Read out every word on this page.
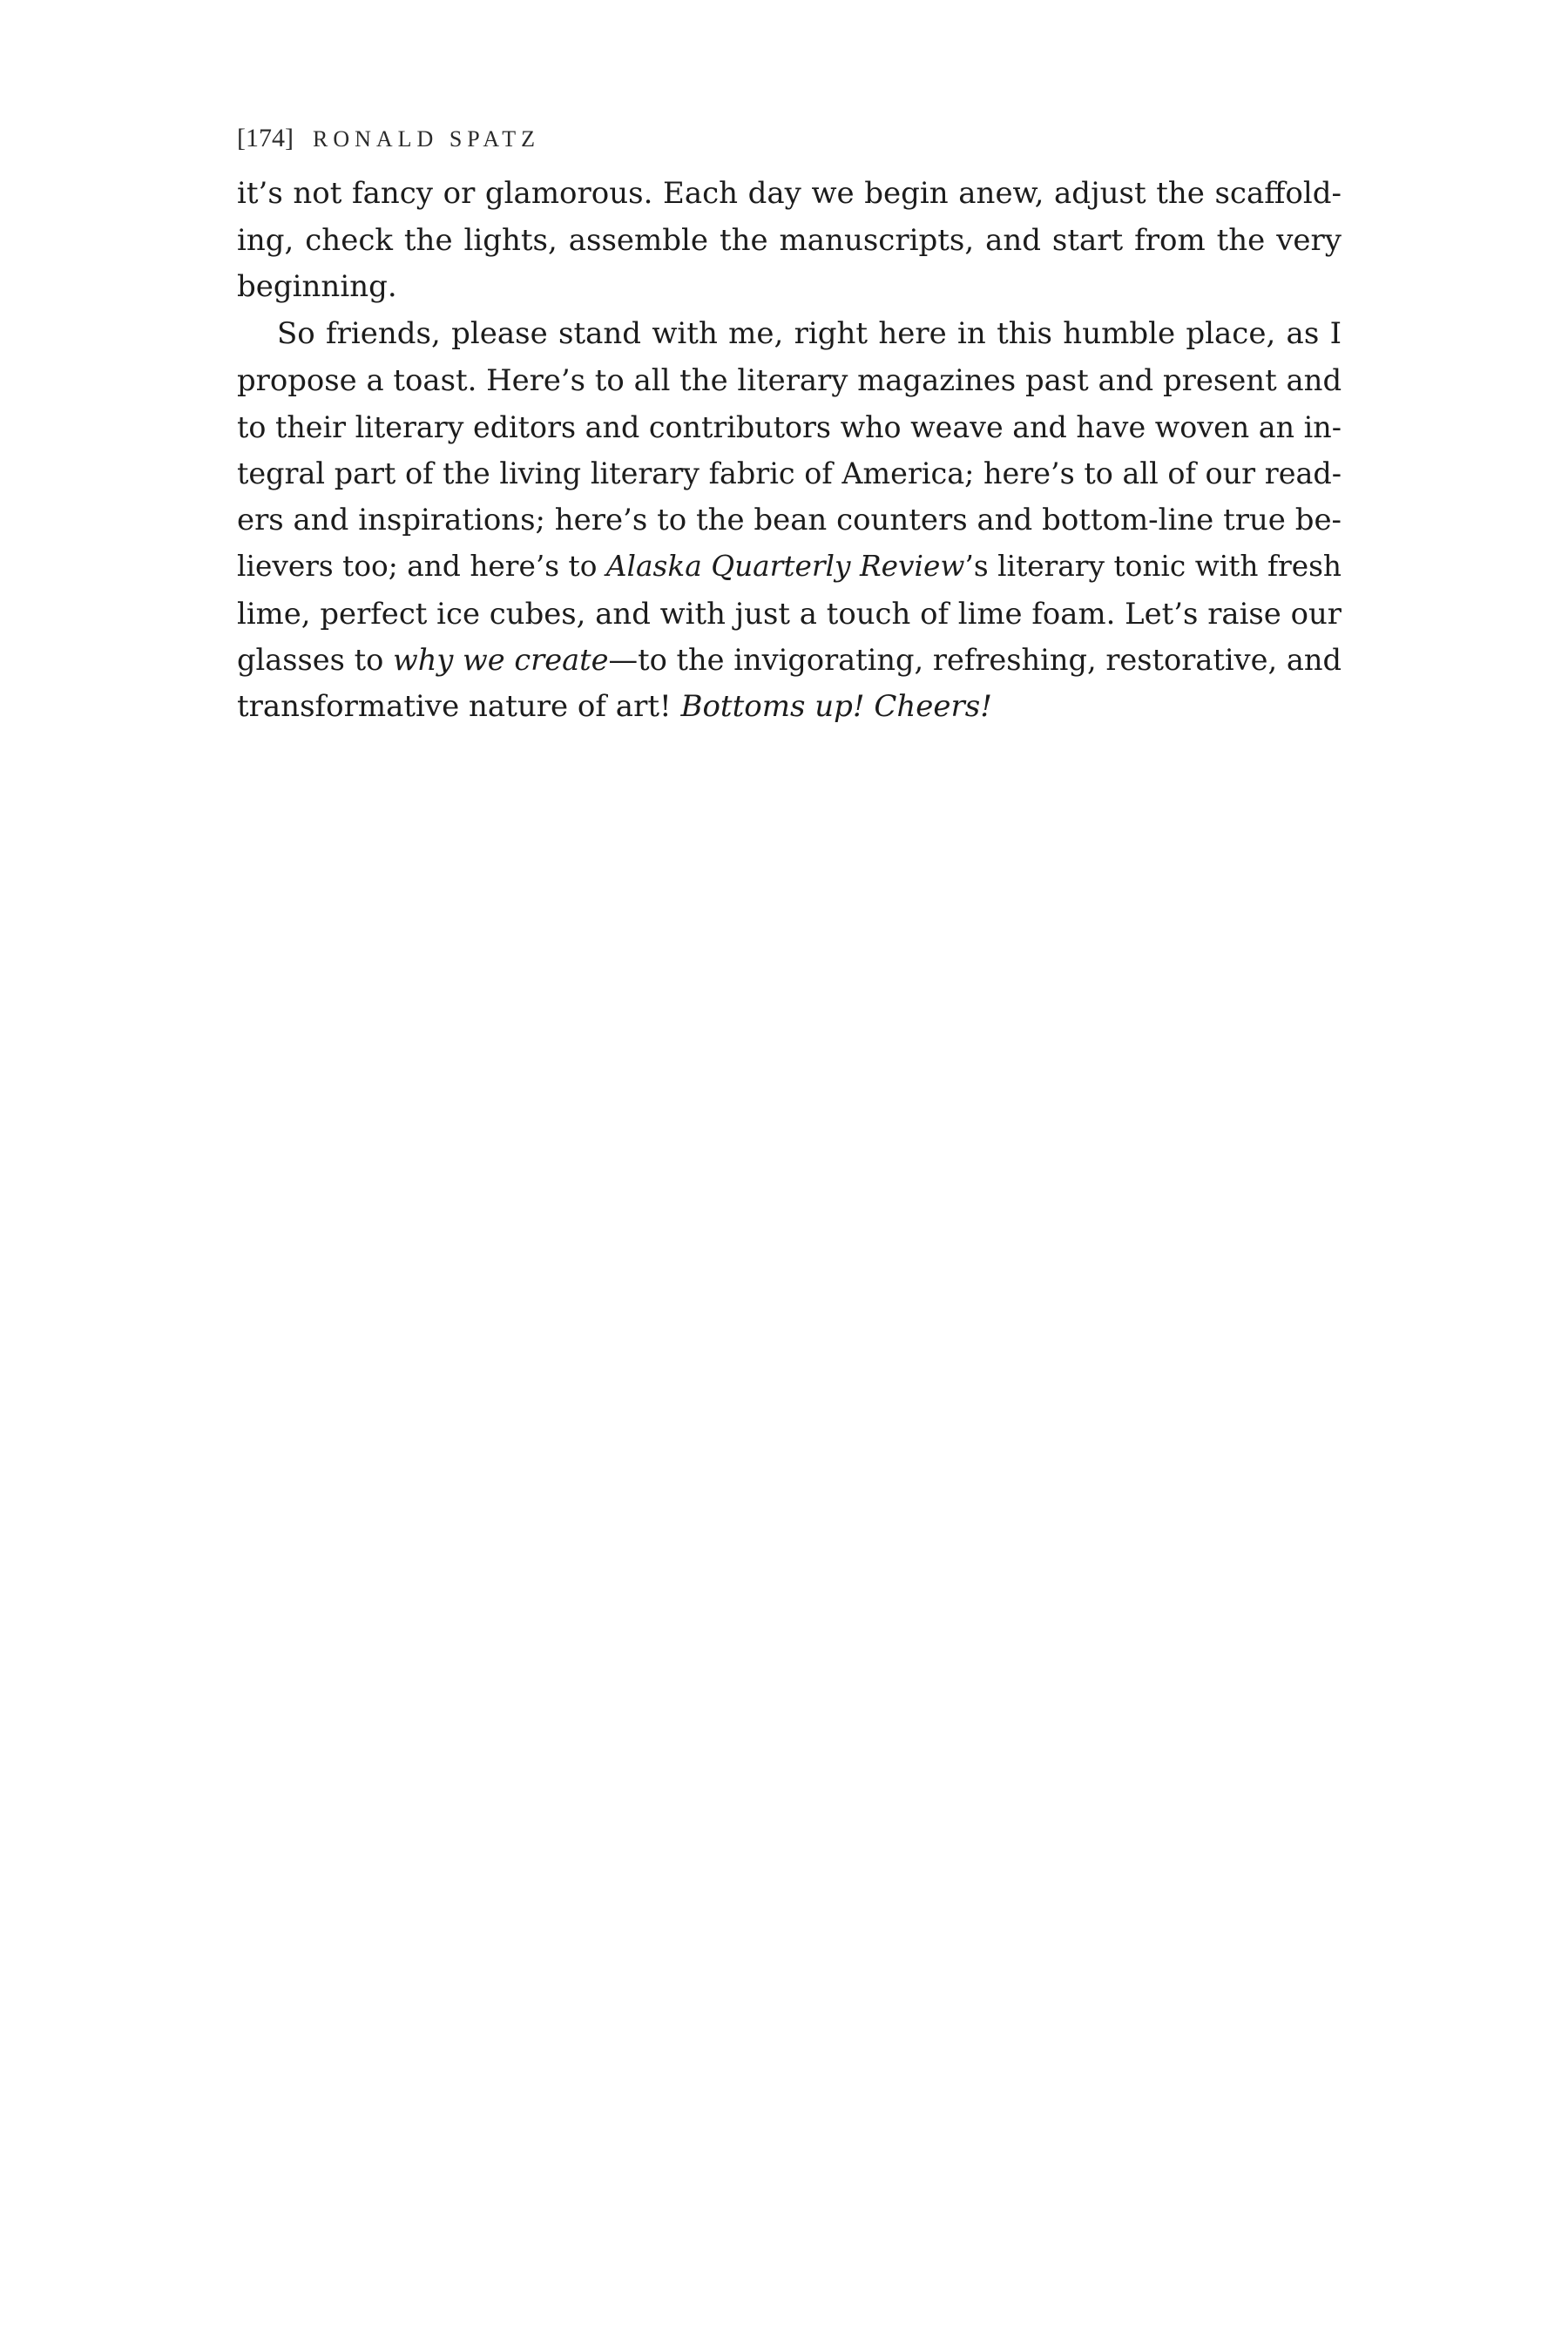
[174] RONALD SPATZ
it’s not fancy or glamorous. Each day we begin anew, adjust the scaffold-
ing, check the lights, assemble the manuscripts, and start from the very
beginning.
So friends, please stand with me, right here in this humble place, as I
propose a toast. Here’s to all the literary magazines past and present and
to their literary editors and contributors who weave and have woven an in-
tegral part of the living literary fabric of America; here’s to all of our read-
ers and inspirations; here’s to the bean counters and bottom-line true be-
lievers too; and here’s to Alaska Quarterly Review’s literary tonic with fresh
lime, perfect ice cubes, and with just a touch of lime foam. Let’s raise our
glasses to why we create—to the invigorating, refreshing, restorative, and
transformative nature of art! Bottoms up! Cheers!
